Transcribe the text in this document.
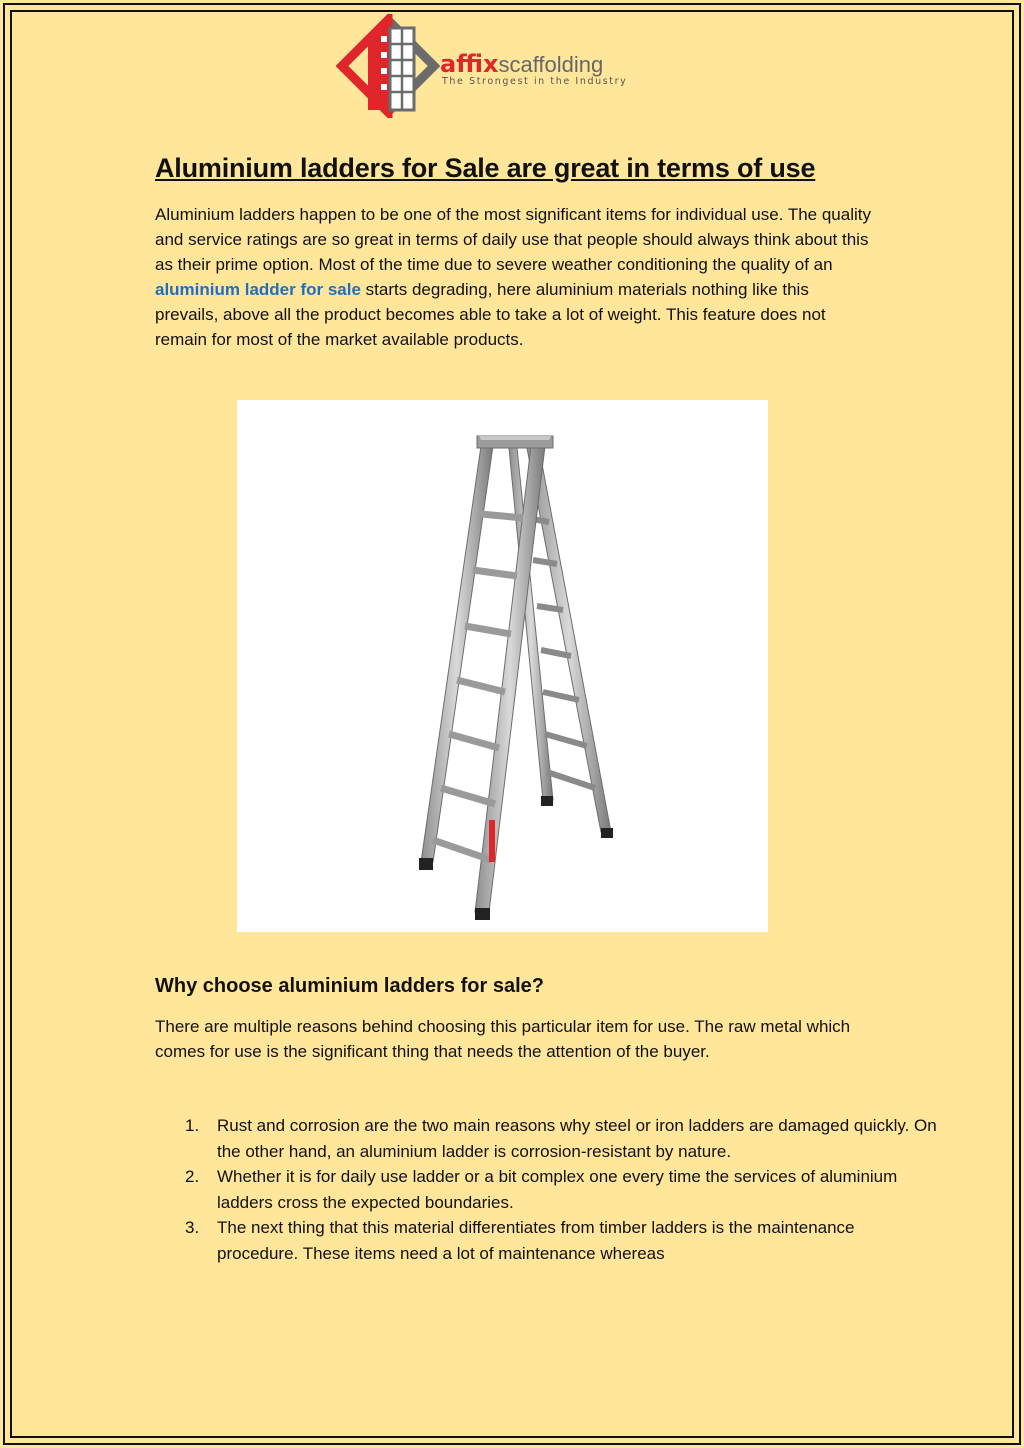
affixscaffolding
The Strongest in the Industry
Aluminium ladders for Sale are great in terms of use

Aluminium ladders happen to be one of the most significant items for individual use. The quality and service ratings are so great in terms of daily use that people should always think about this as their prime option. Most of the time due to severe weather conditioning the quality of an aluminium ladder for sale starts degrading, here aluminium materials nothing like this prevails, above all the product becomes able to take a lot of weight. This feature does not remain for most of the market available products.

Why choose aluminium ladders for sale?

There are multiple reasons behind choosing this particular item for use. The raw metal which comes for use is the significant thing that needs the attention of the buyer.

1. Rust and corrosion are the two main reasons why steel or iron ladders are damaged quickly. On the other hand, an aluminium ladder is corrosion-resistant by nature.
2. Whether it is for daily use ladder or a bit complex one every time the services of aluminium ladders cross the expected boundaries.
3. The next thing that this material differentiates from timber ladders is the maintenance procedure. These items need a lot of maintenance whereas
